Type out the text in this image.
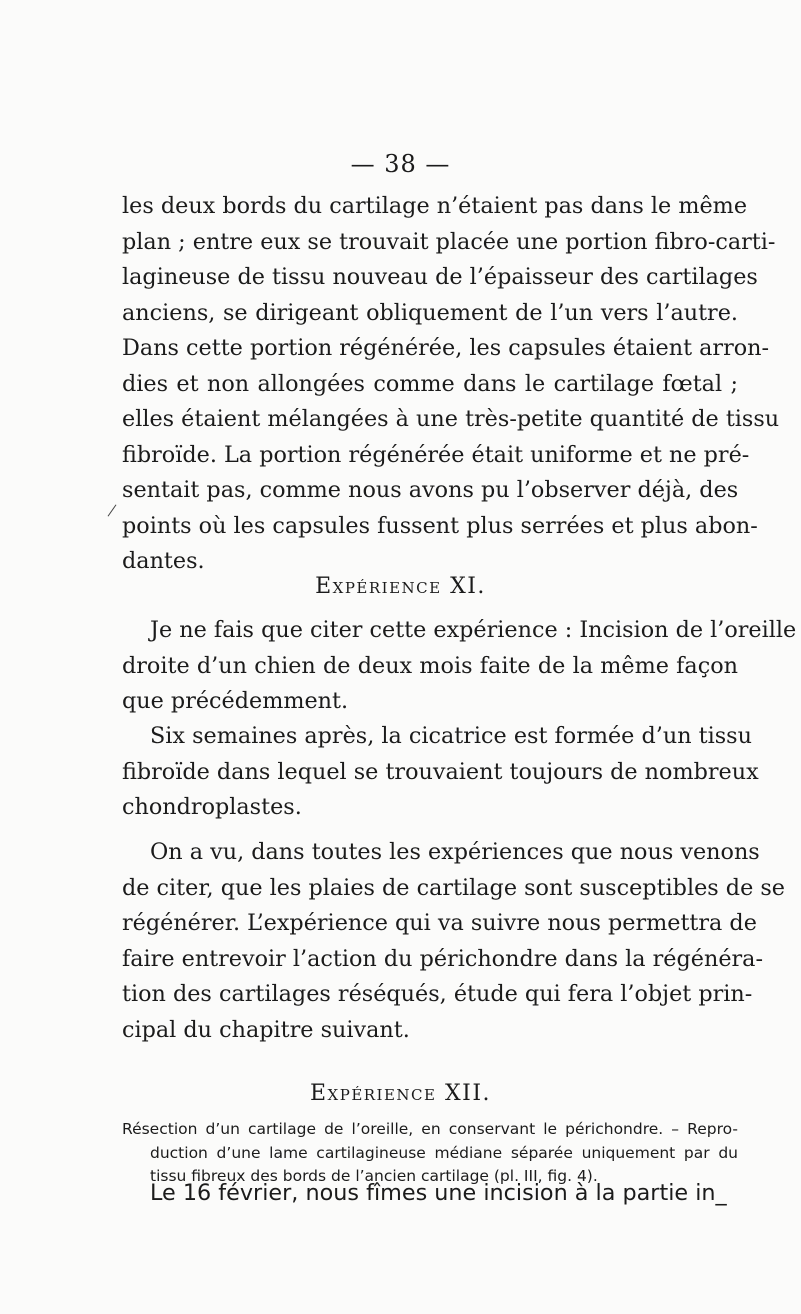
— 38 —
les deux bords du cartilage n’étaient pas dans le même
plan ; entre eux se trouvait placée une portion fibro-carti-
lagineuse de tissu nouveau de l’épaisseur des cartilages
anciens, se dirigeant obliquement de l’un vers l’autre.
Dans cette portion régénérée, les capsules étaient arron-
dies et non allongées comme dans le cartilage fœtal ;
elles étaient mélangées à une très-petite quantité de tissu
fibroïde. La portion régénérée était uniforme et ne pré-
sentait pas, comme nous avons pu l’observer déjà, des
points où les capsules fussent plus serrées et plus abon-
dantes.
Expérience XI.
Je ne fais que citer cette expérience : Incision de l’oreille
droite d’un chien de deux mois faite de la même façon
que précédemment.
Six semaines après, la cicatrice est formée d’un tissu
fibroïde dans lequel se trouvaient toujours de nombreux
chondroplastes.
On a vu, dans toutes les expériences que nous venons
de citer, que les plaies de cartilage sont susceptibles de se
régénérer. L’expérience qui va suivre nous permettra de
faire entrevoir l’action du périchondre dans la régénéra-
tion des cartilages réséqués, étude qui fera l’objet prin-
cipal du chapitre suivant.
Expérience XII.
Résection d’un cartilage de l’oreille, en conservant le périchondre. – Repro-
duction d’une lame cartilagineuse médiane séparée uniquement par du
tissu fibreux des bords de l’ancien cartilage (pl. III, fig. 4).
Le 16 février, nous fîmes une incision à la partie in_
